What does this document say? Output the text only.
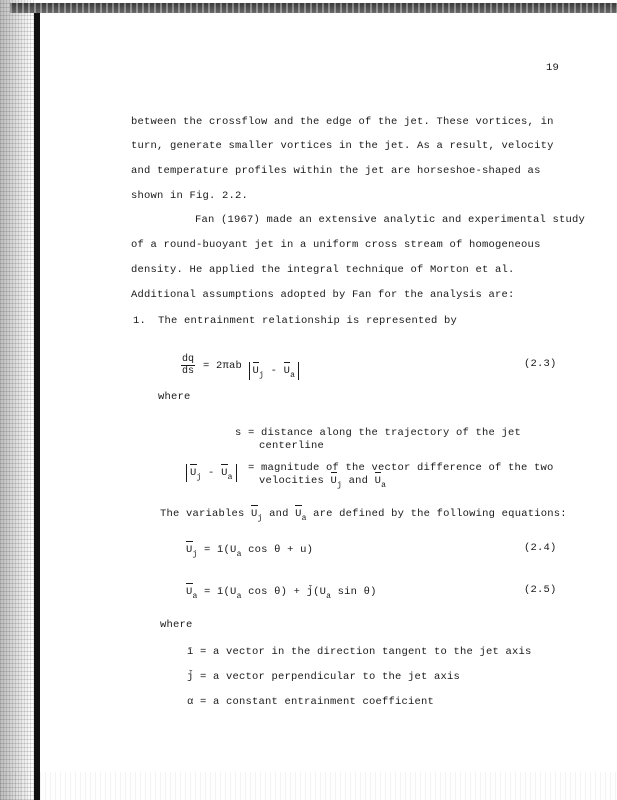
19
between the crossflow and the edge of the jet. These vortices, in
turn, generate smaller vortices in the jet. As a result, velocity
and temperature profiles within the jet are horseshoe-shaped as
shown in Fig. 2.2.
Fan (1967) made an extensive analytic and experimental study
of a round-buoyant jet in a uniform cross stream of homogeneous
density. He applied the integral technique of Morton et al.
Additional assumptions adopted by Fan for the analysis are:
1. The entrainment relationship is represented by
$\frac{dq}{ds} = 2\pi ab$ $U_j - U_a$
(2.3)
where
s = distance along the trajectory of the jet
centerline
$U_j - U_a$
= magnitude of the vector difference of the two
velocities $U_j$ and $U_a$
The variables $U_j$ and $U_a$ are defined by the following equations:
$U_j$ = $ī(U_a$ cos θ + u)	(2.4)
$U_a$ = $ī(U_a$ $\cos \theta) + j̄(U_a$ sin θ)	(2.5)
where
ī = a vector in the direction tangent to the jet axis
j̄ = a vector perpendicular to the jet axis
α = a constant entrainment coefficient
